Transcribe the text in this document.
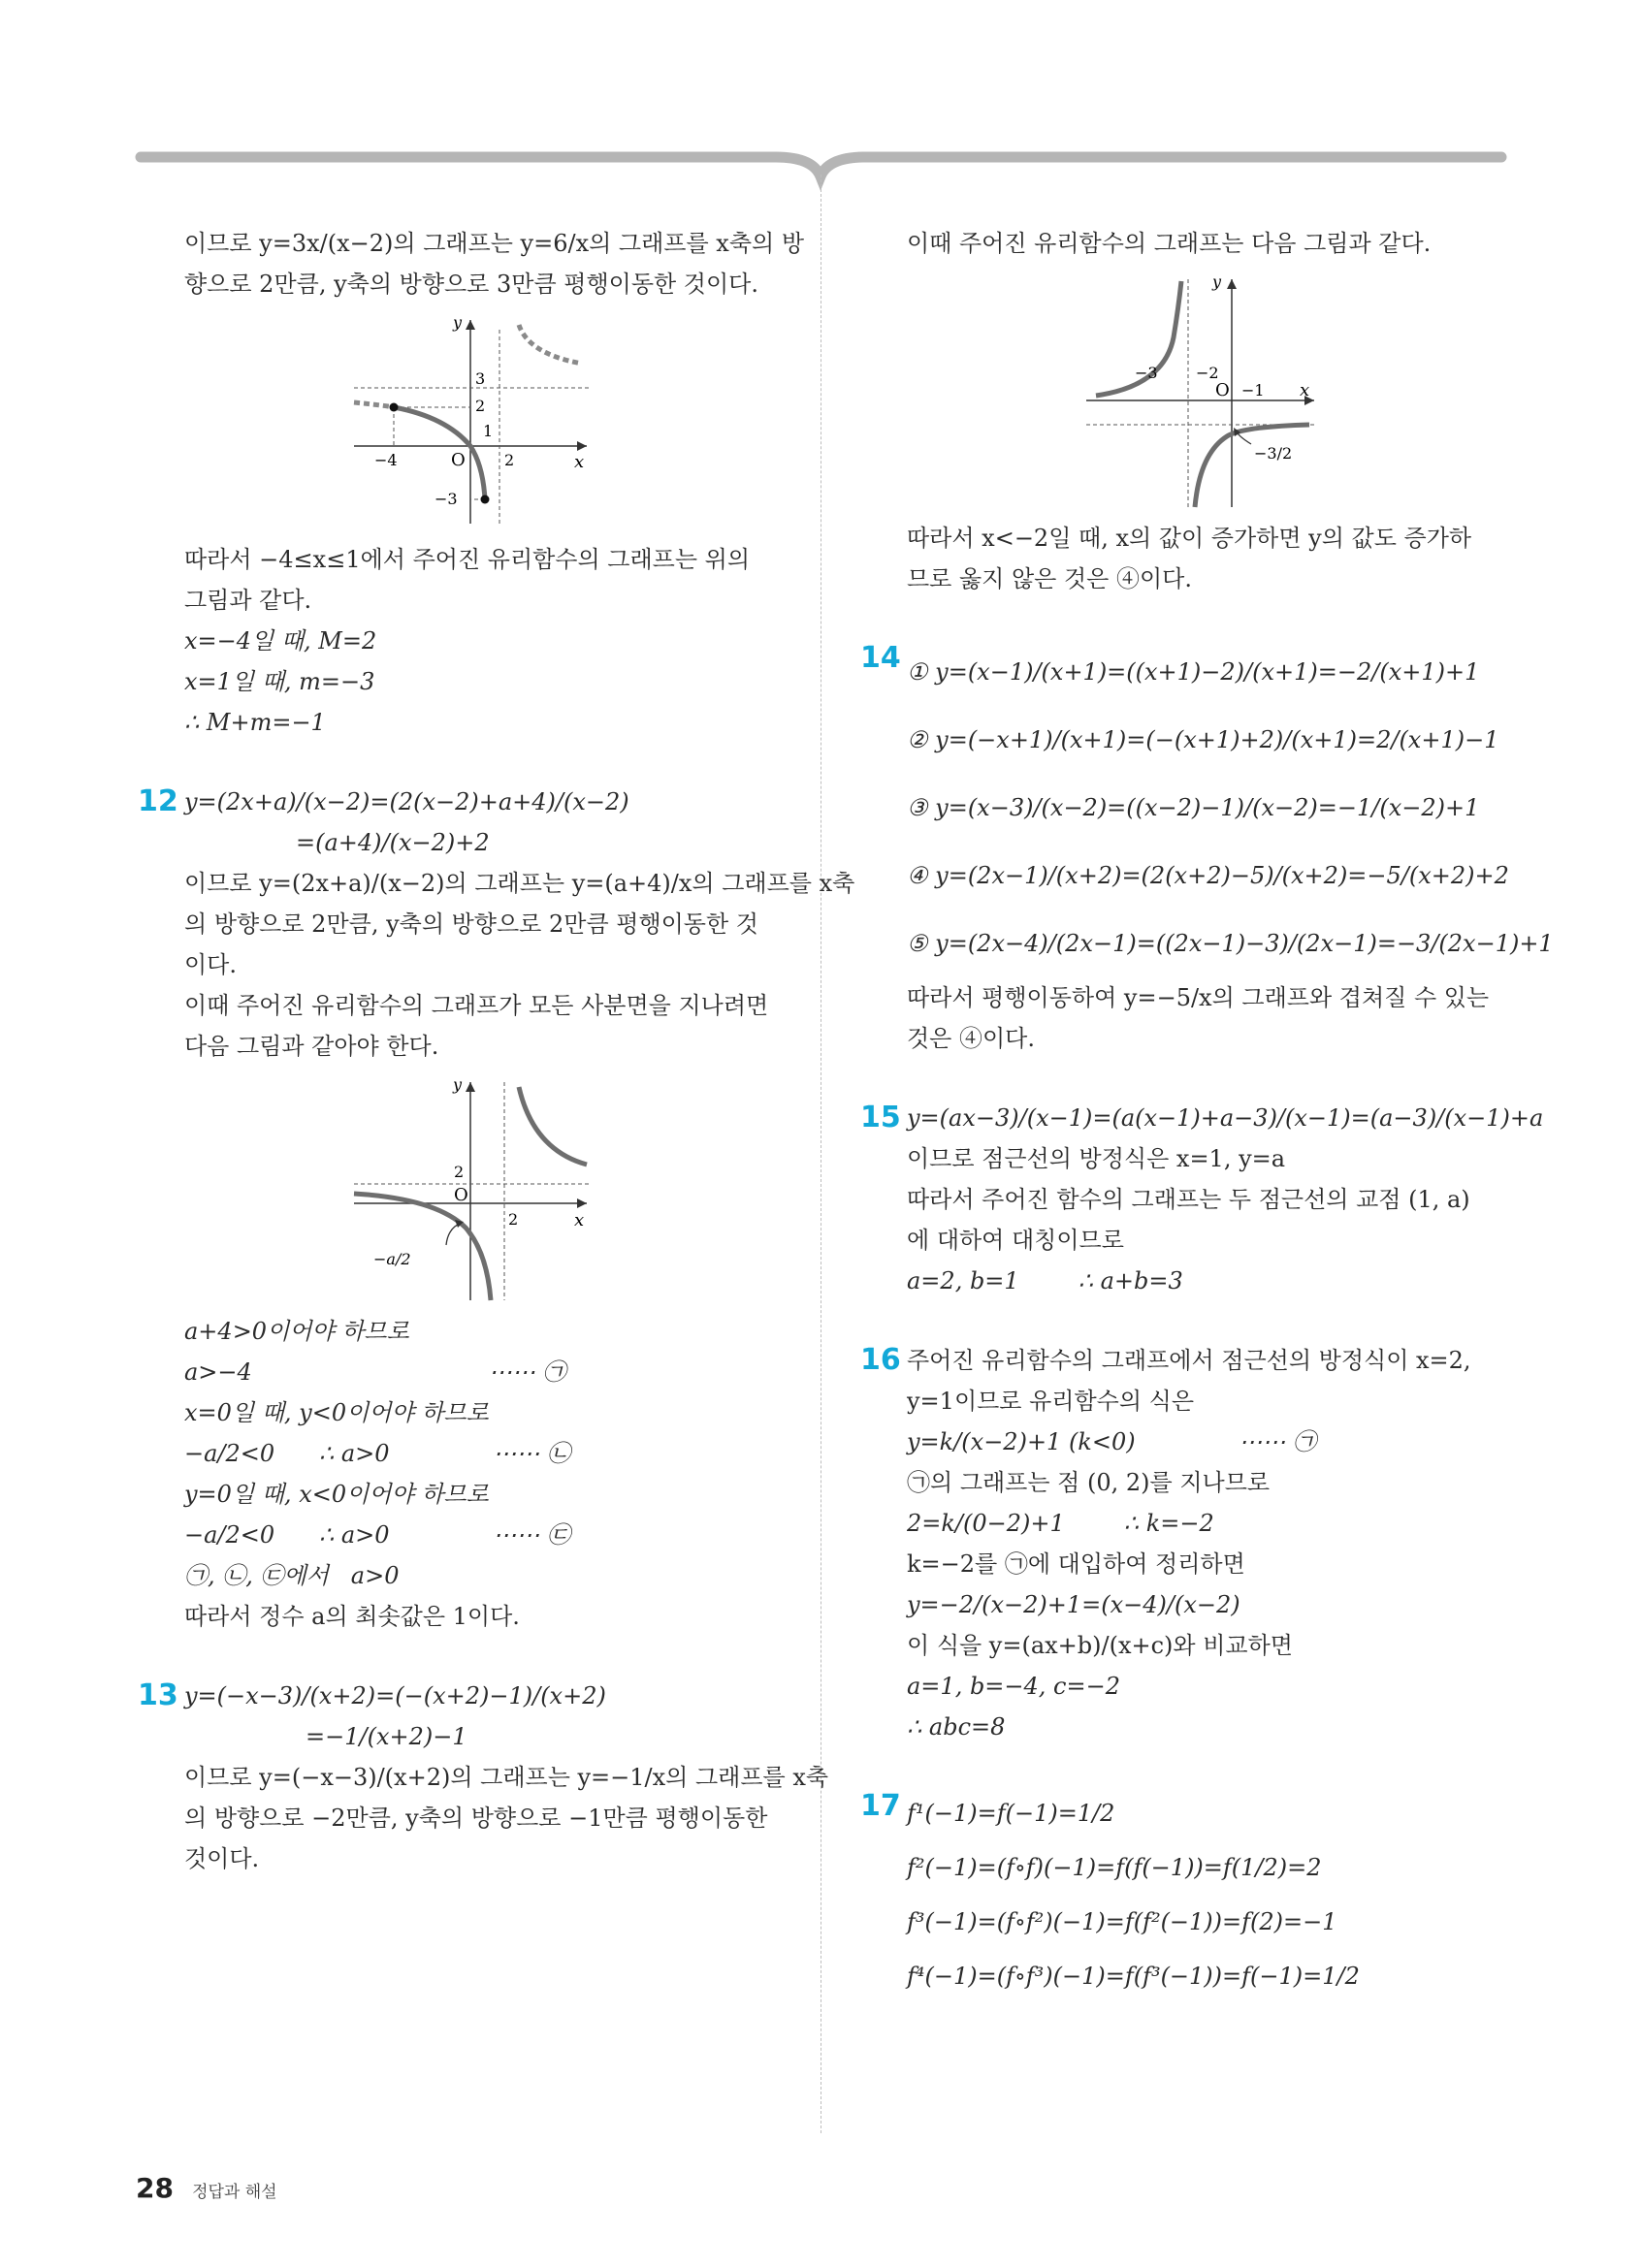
이므로 y=3x/(x−2)의 그래프는 y=6/x의 그래프를 x축의 방
향으로 2만큼, y축의 방향으로 3만큼 평행이동한 것이다.
y
x
O
3
2
1
−4	2
−3
따라서 −4≤x≤1에서 주어진 유리함수의 그래프는 위의
그림과 같다.
x=−4일 때, M=2
x=1일 때, m=−3
∴ M+m=−1
12 y=(2x+a)/(x−2)=(2(x−2)+a+4)/(x−2)
=(a+4)/(x−2)+2
이므로 y=(2x+a)/(x−2)의 그래프는 y=(a+4)/x의 그래프를 x축
의 방향으로 2만큼, y축의 방향으로 2만큼 평행이동한 것
이다.
이때 주어진 유리함수의 그래프가 모든 사분면을 지나려면
다음 그림과 같아야 한다.
y
x
2
O
2
−a/2
a+4>0이어야 하므로
a>−4                                ⋯⋯ ㉠
x=0일 때, y<0이어야 하므로
−a/2<0      ∴ a>0              ⋯⋯ ㉡
y=0일 때, x<0이어야 하므로
−a/2<0      ∴ a>0              ⋯⋯ ㉢
㉠, ㉡, ㉢에서   a>0
따라서 정수 a의 최솟값은 1이다.
13 y=(−x−3)/(x+2)=(−(x+2)−1)/(x+2)
=−1/(x+2)−1
이므로 y=(−x−3)/(x+2)의 그래프는 y=−1/x의 그래프를 x축
의 방향으로 −2만큼, y축의 방향으로 −1만큼 평행이동한
것이다.
이때 주어진 유리함수의 그래프는 다음 그림과 같다.
y
x
O
−3 −2
−1
−3/2
따라서 x<−2일 때, x의 값이 증가하면 y의 값도 증가하
므로 옳지 않은 것은 ④이다.
14 ① y=(x−1)/(x+1)=((x+1)−2)/(x+1)=−2/(x+1)+1
② y=(−x+1)/(x+1)=(−(x+1)+2)/(x+1)=2/(x+1)−1
③ y=(x−3)/(x−2)=((x−2)−1)/(x−2)=−1/(x−2)+1
④ y=(2x−1)/(x+2)=(2(x+2)−5)/(x+2)=−5/(x+2)+2
⑤ y=(2x−4)/(2x−1)=((2x−1)−3)/(2x−1)=−3/(2x−1)+1
따라서 평행이동하여 y=−5/x의 그래프와 겹쳐질 수 있는
것은 ④이다.
15 y=(ax−3)/(x−1)=(a(x−1)+a−3)/(x−1)=(a−3)/(x−1)+a
이므로 점근선의 방정식은 x=1, y=a
따라서 주어진 함수의 그래프는 두 점근선의 교점 (1, a)
에 대하여 대칭이므로
a=2, b=1        ∴ a+b=3
16 주어진 유리함수의 그래프에서 점근선의 방정식이 x=2,
y=1이므로 유리함수의 식은
y=k/(x−2)+1 (k<0)              ⋯⋯ ㉠
㉠의 그래프는 점 (0, 2)를 지나므로
2=k/(0−2)+1        ∴ k=−2
k=−2를 ㉠에 대입하여 정리하면
y=−2/(x−2)+1=(x−4)/(x−2)
이 식을 y=(ax+b)/(x+c)와 비교하면
a=1, b=−4, c=−2
∴ abc=8
17 f¹(−1)=f(−1)=1/2
f²(−1)=(f∘f)(−1)=f(f(−1))=f(1/2)=2
f³(−1)=(f∘f²)(−1)=f(f²(−1))=f(2)=−1
f⁴(−1)=(f∘f³)(−1)=f(f³(−1))=f(−1)=1/2
28 정답과 해설
